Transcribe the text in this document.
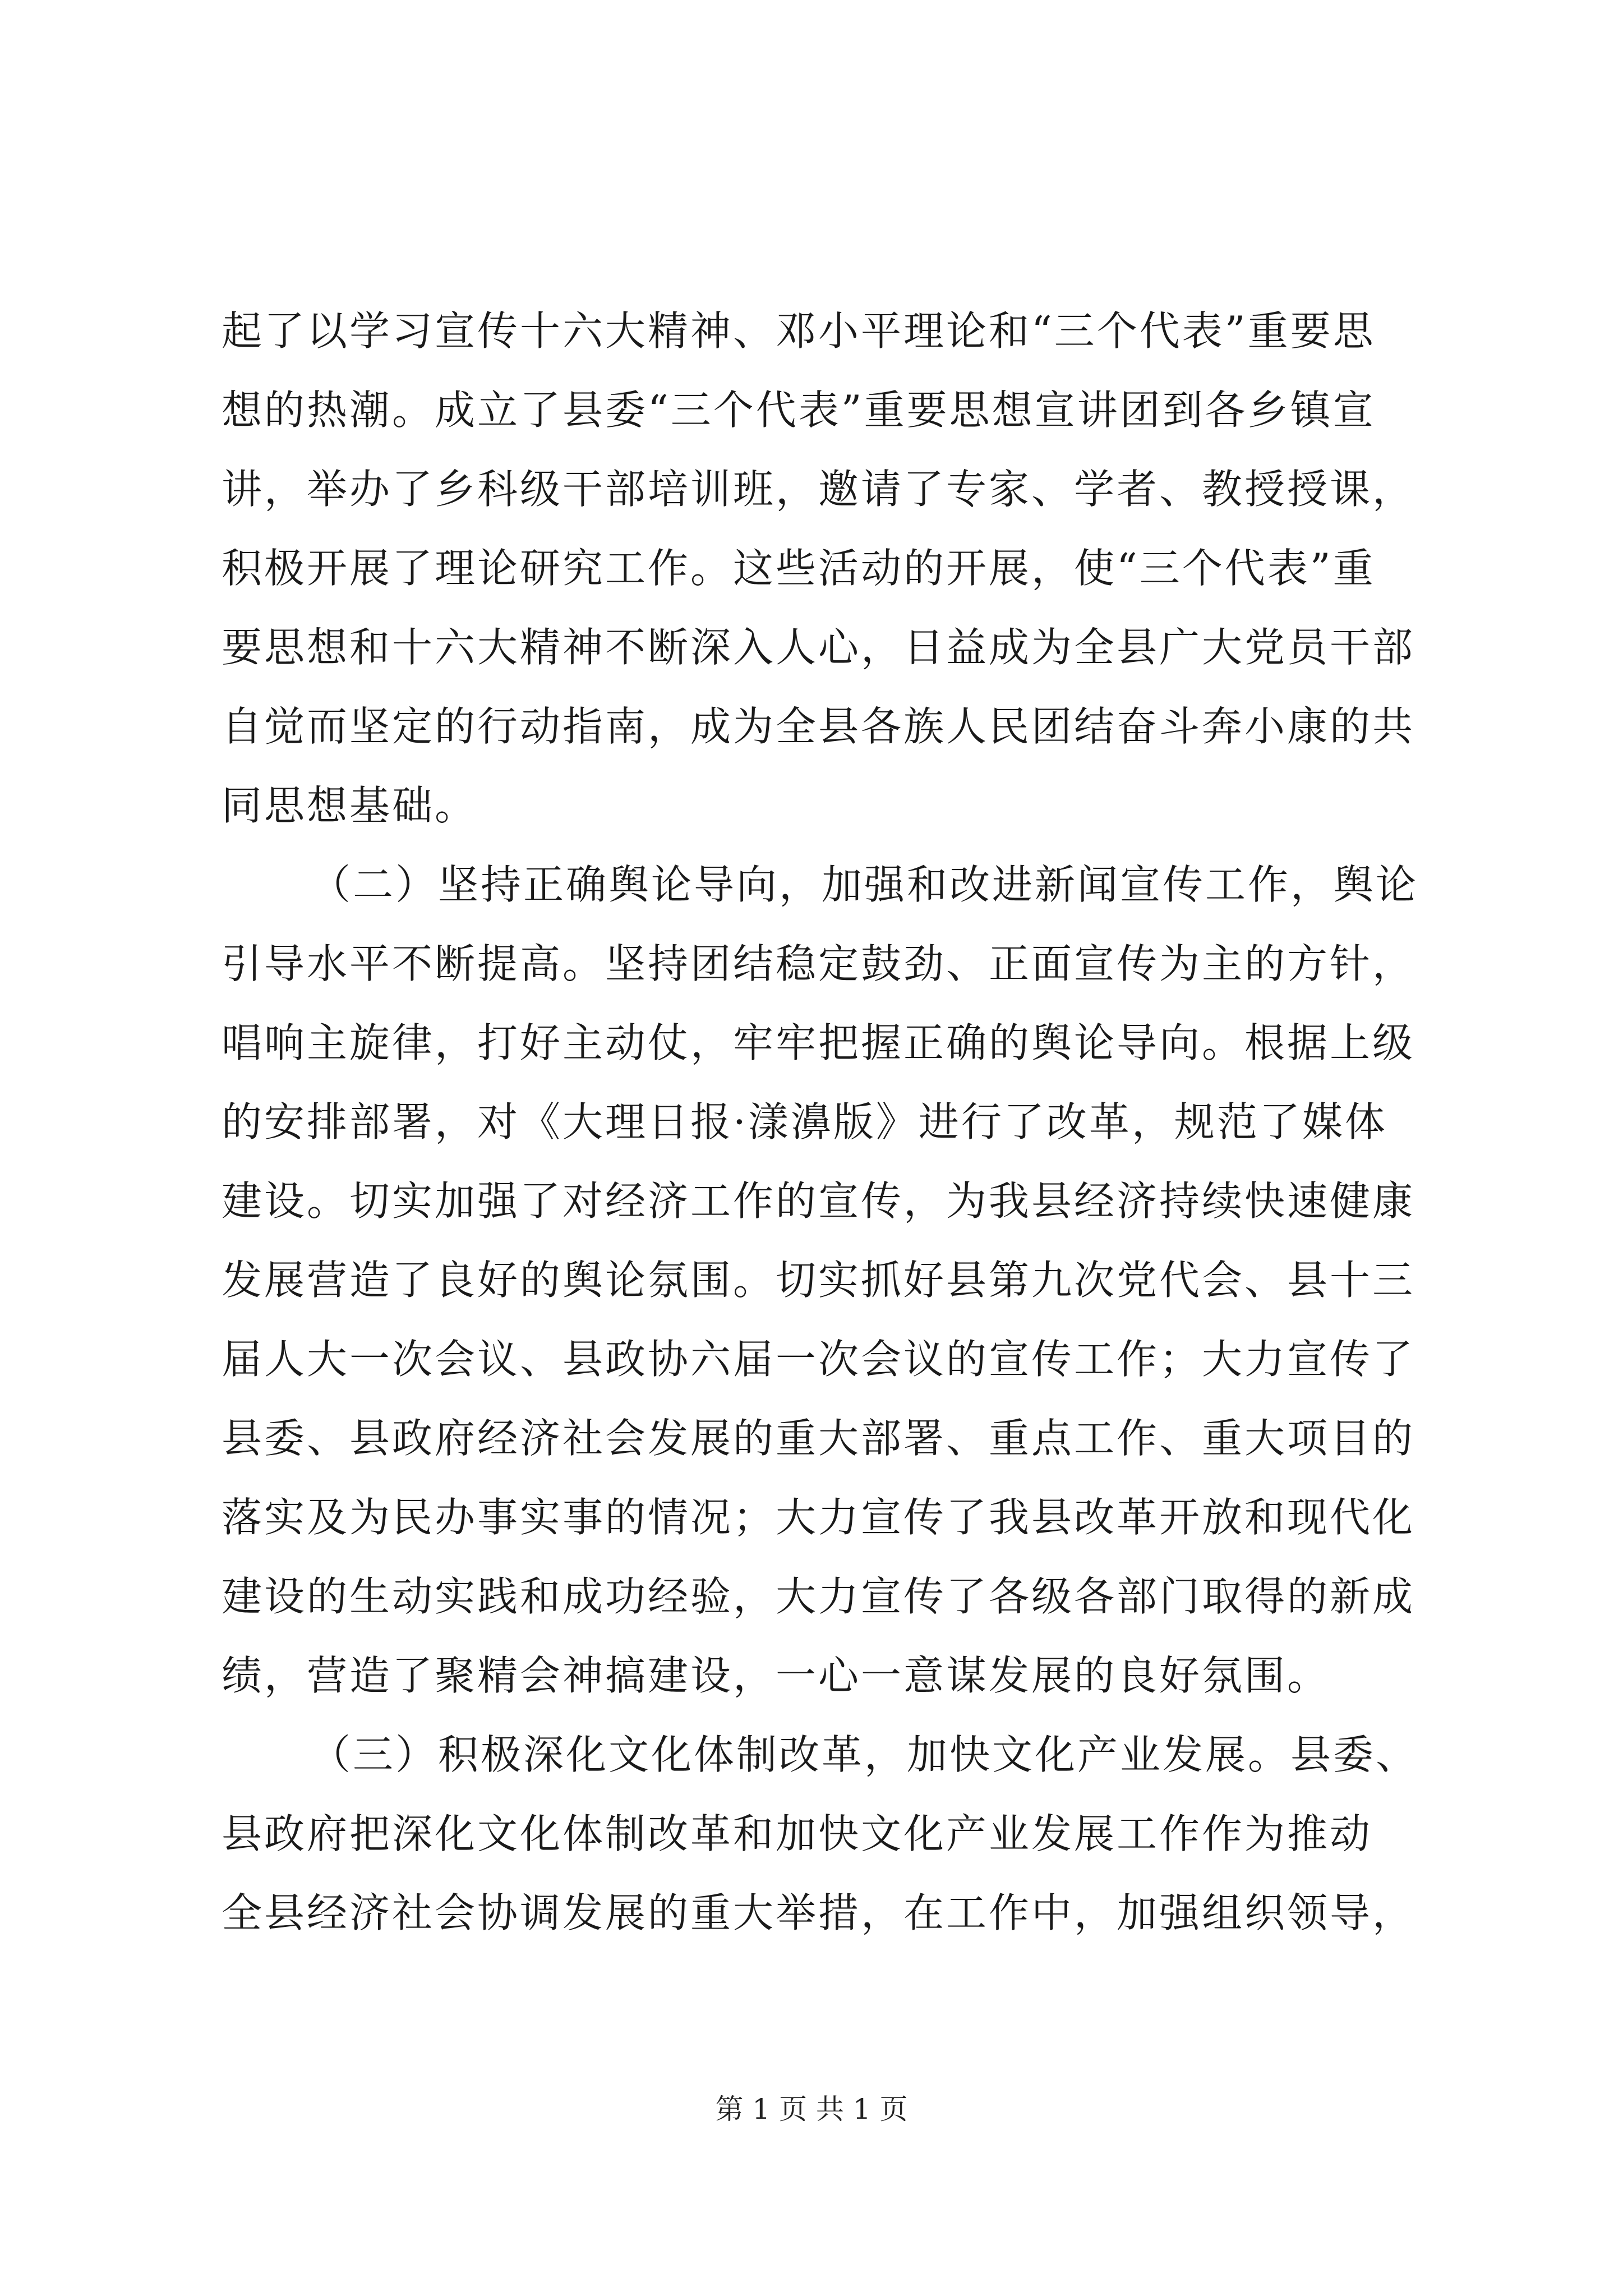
起了以学习宣传十六大精神、邓小平理论和“三个代表”重要思
想的热潮。成立了县委“三个代表”重要思想宣讲团到各乡镇宣
讲，举办了乡科级干部培训班，邀请了专家、学者、教授授课，
积极开展了理论研究工作。这些活动的开展，使“三个代表”重
要思想和十六大精神不断深入人心，日益成为全县广大党员干部
自觉而坚定的行动指南，成为全县各族人民团结奋斗奔小康的共
同思想基础。
（二）坚持正确舆论导向，加强和改进新闻宣传工作，舆论
引导水平不断提高。坚持团结稳定鼓劲、正面宣传为主的方针，
唱响主旋律，打好主动仗，牢牢把握正确的舆论导向。根据上级
的安排部署，对《大理日报·漾濞版》进行了改革，规范了媒体
建设。切实加强了对经济工作的宣传，为我县经济持续快速健康
发展营造了良好的舆论氛围。切实抓好县第九次党代会、县十三
届人大一次会议、县政协六届一次会议的宣传工作；大力宣传了
县委、县政府经济社会发展的重大部署、重点工作、重大项目的
落实及为民办事实事的情况；大力宣传了我县改革开放和现代化
建设的生动实践和成功经验，大力宣传了各级各部门取得的新成
绩，营造了聚精会神搞建设，一心一意谋发展的良好氛围。
（三）积极深化文化体制改革，加快文化产业发展。县委、
县政府把深化文化体制改革和加快文化产业发展工作作为推动
全县经济社会协调发展的重大举措，在工作中，加强组织领导，
第 1 页 共 1 页
